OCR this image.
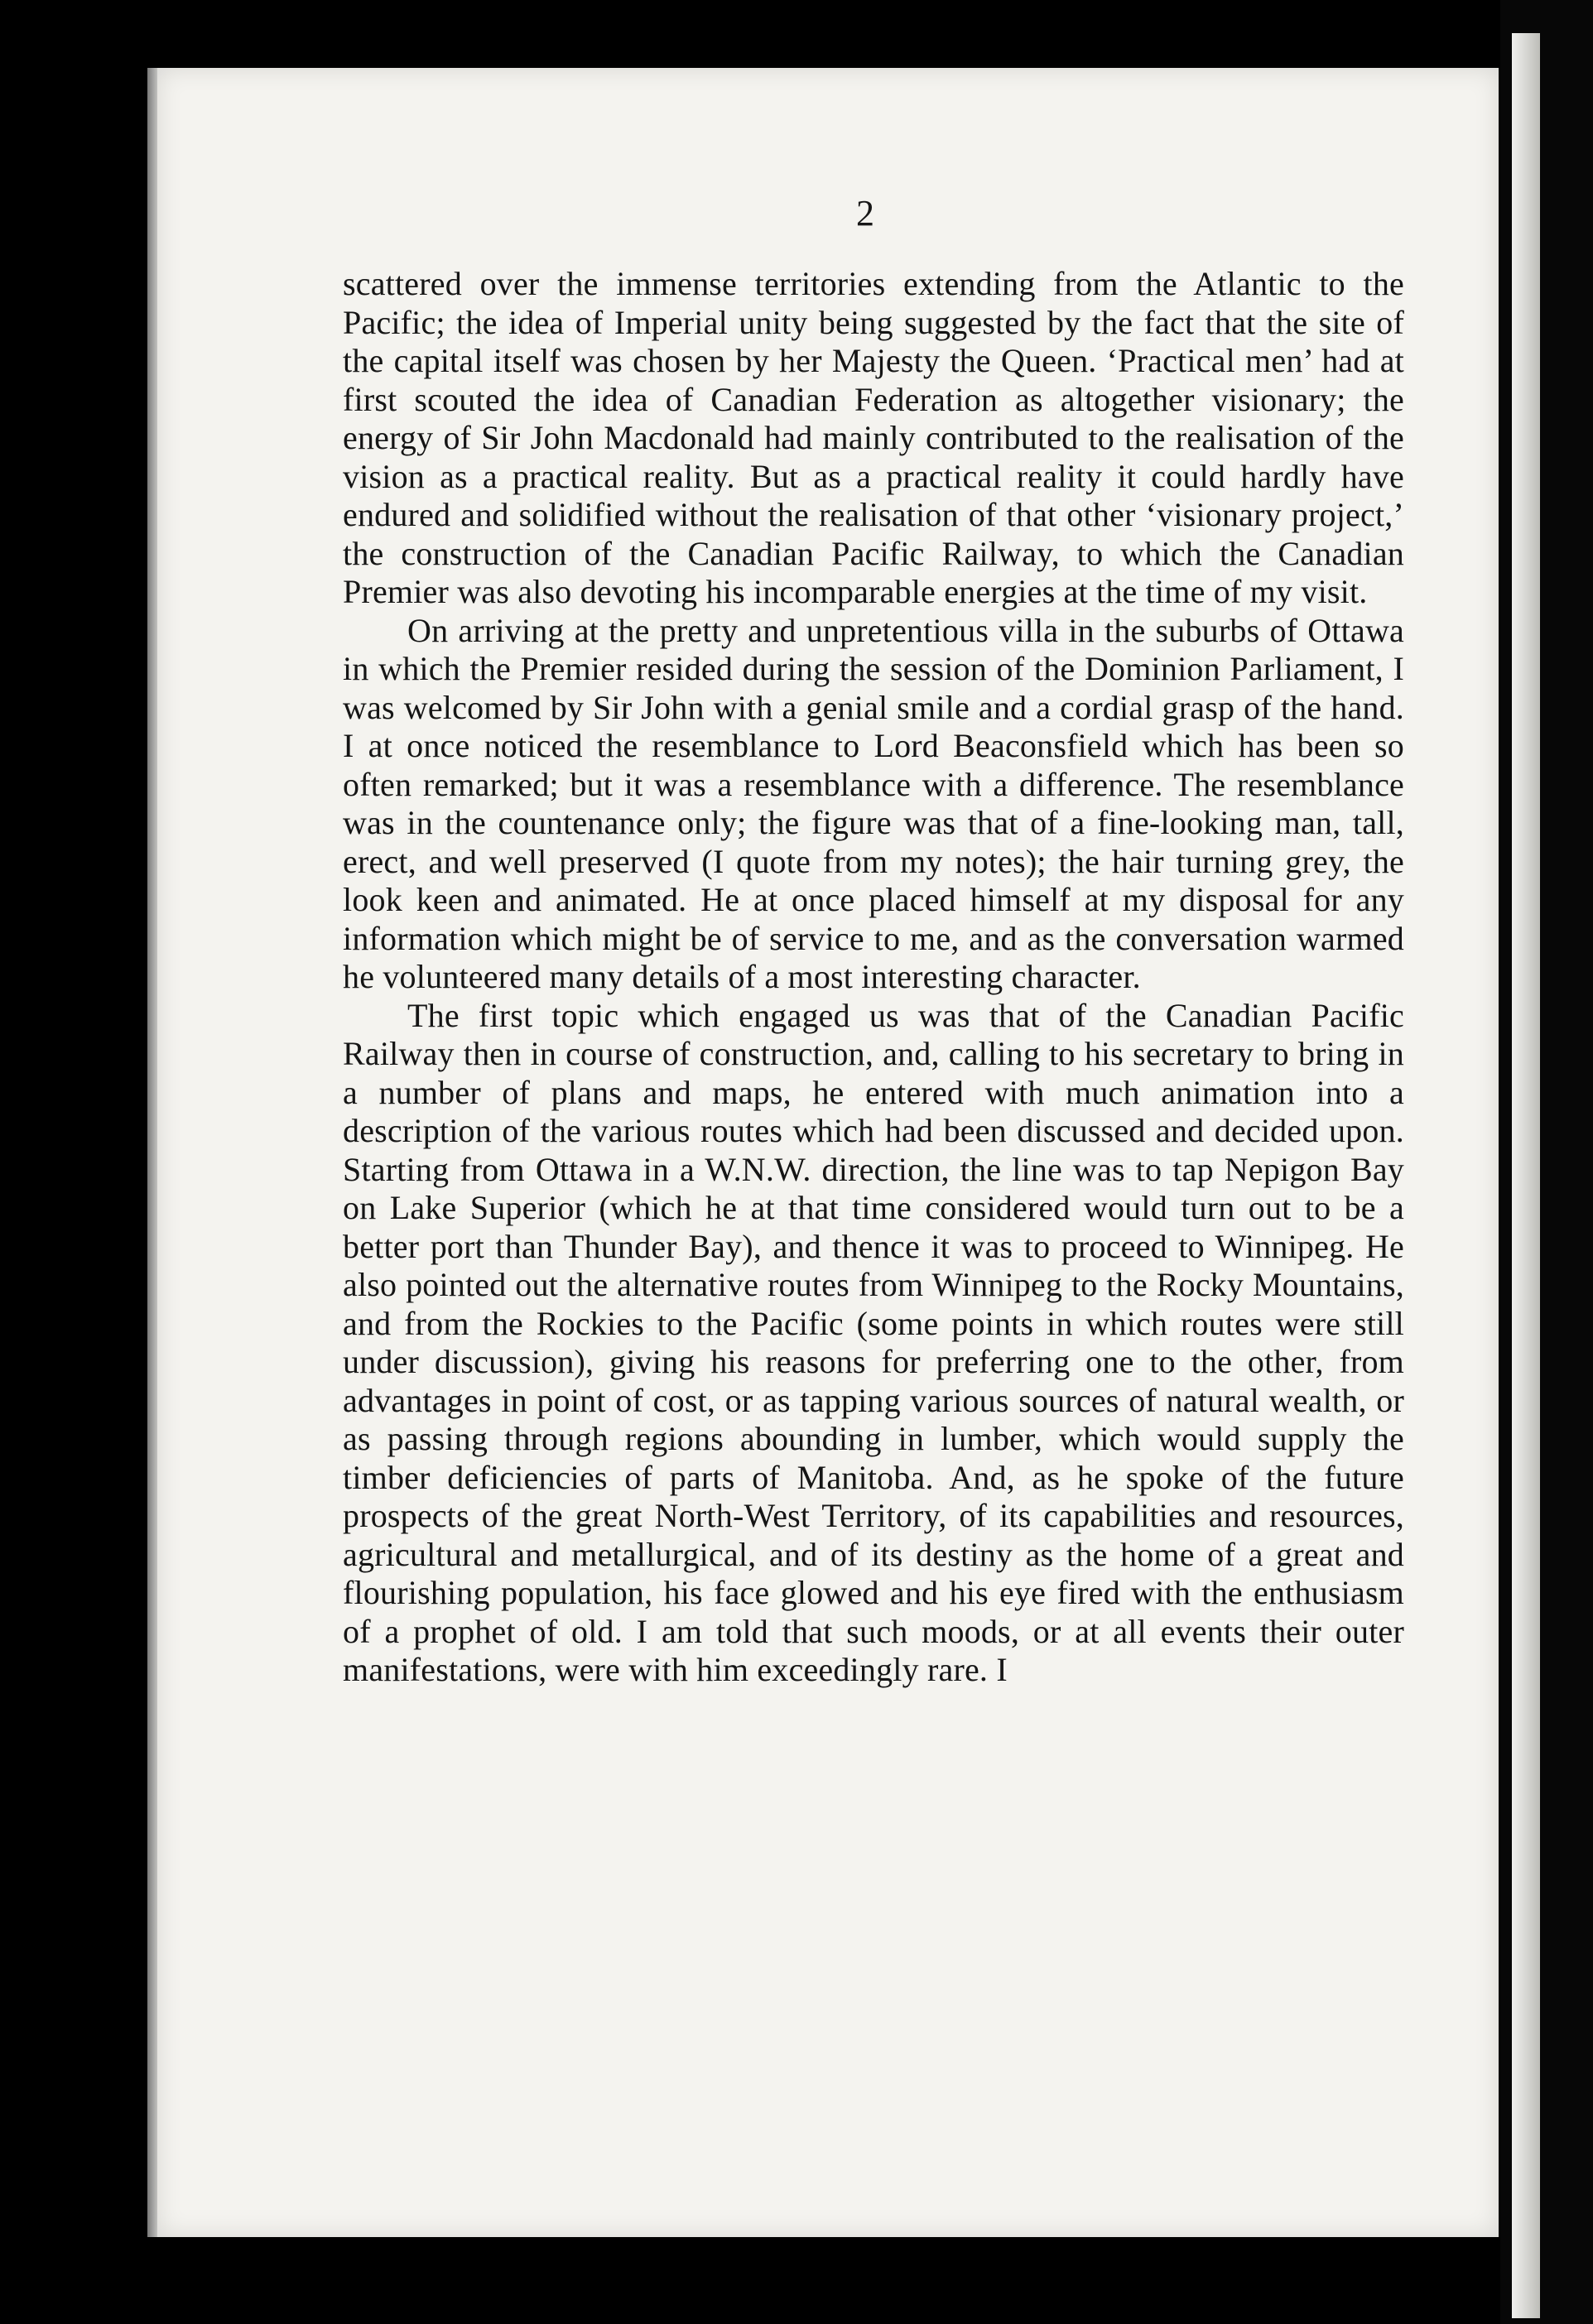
2

scattered over the immense territories extending from the Atlantic to the Pacific; the idea of Imperial unity being suggested by the fact that the site of the capital itself was chosen by her Majesty the Queen. ‘Practical men’ had at first scouted the idea of Canadian Federation as altogether visionary; the energy of Sir John Macdonald had mainly contributed to the realisation of the vision as a practical reality. But as a practical reality it could hardly have endured and solidified without the realisation of that other ‘visionary project,’ the construction of the Canadian Pacific Railway, to which the Canadian Premier was also devoting his incomparable energies at the time of my visit.

On arriving at the pretty and unpretentious villa in the suburbs of Ottawa in which the Premier resided during the session of the Dominion Parliament, I was welcomed by Sir John with a genial smile and a cordial grasp of the hand. I at once noticed the resemblance to Lord Beaconsfield which has been so often remarked; but it was a resemblance with a difference. The resemblance was in the countenance only; the figure was that of a fine-looking man, tall, erect, and well preserved (I quote from my notes); the hair turning grey, the look keen and animated. He at once placed himself at my disposal for any information which might be of service to me, and as the conversation warmed he volunteered many details of a most interesting character.

The first topic which engaged us was that of the Canadian Pacific Railway then in course of construction, and, calling to his secretary to bring in a number of plans and maps, he entered with much animation into a description of the various routes which had been discussed and decided upon. Starting from Ottawa in a W.N.W. direction, the line was to tap Nepigon Bay on Lake Superior (which he at that time considered would turn out to be a better port than Thunder Bay), and thence it was to proceed to Winnipeg. He also pointed out the alternative routes from Winnipeg to the Rocky Mountains, and from the Rockies to the Pacific (some points in which routes were still under discussion), giving his reasons for preferring one to the other, from advantages in point of cost, or as tapping various sources of natural wealth, or as passing through regions abounding in lumber, which would supply the timber deficiencies of parts of Manitoba. And, as he spoke of the future prospects of the great North-West Territory, of its capabilities and resources, agricultural and metallurgical, and of its destiny as the home of a great and flourishing population, his face glowed and his eye fired with the enthusiasm of a prophet of old. I am told that such moods, or at all events their outer manifestations, were with him exceedingly rare. I
